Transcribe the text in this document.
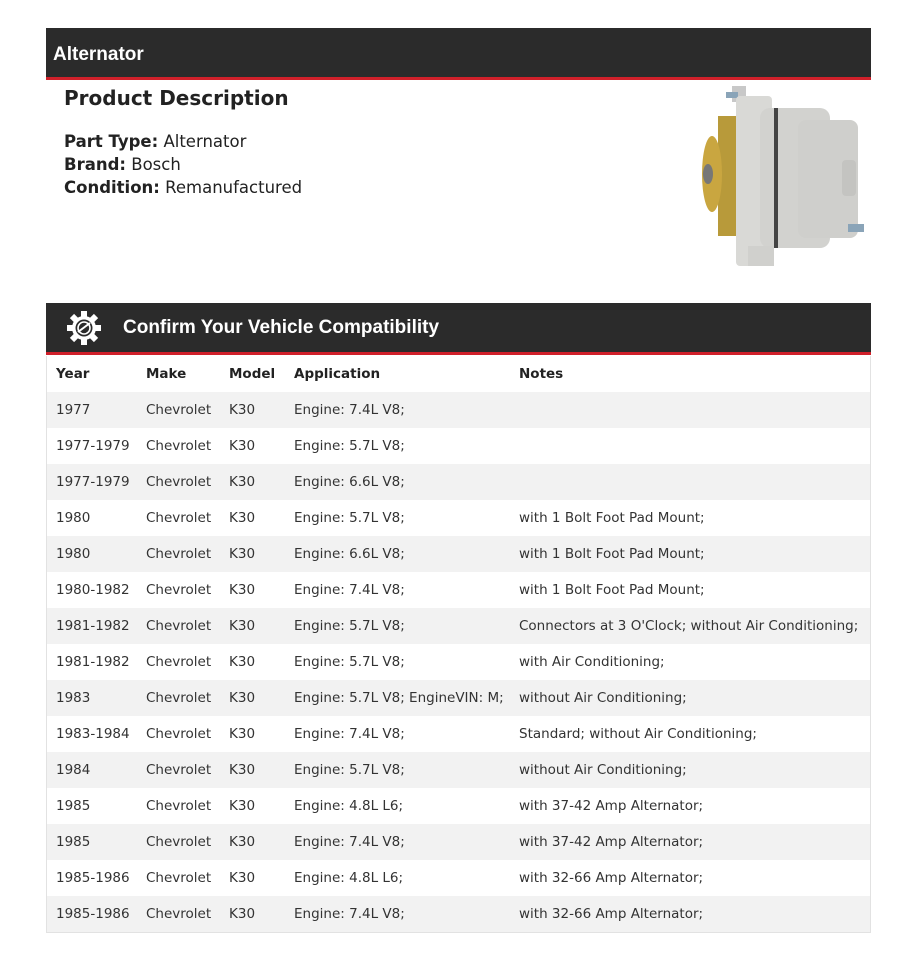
Alternator
Product Description

Part Type: Alternator

Brand: Bosch

Condition: Remanufactured

Confirm Your Vehicle Compatibility
Year	Make	Model	Application	Notes
1977	Chevrolet	K30	Engine: 7.4L V8;
1977-1979	Chevrolet	K30	Engine: 5.7L V8;
1977-1979	Chevrolet	K30	Engine: 6.6L V8;
1980	Chevrolet	K30	Engine: 5.7L V8;	with 1 Bolt Foot Pad Mount;
1980	Chevrolet	K30	Engine: 6.6L V8;	with 1 Bolt Foot Pad Mount;
1980-1982	Chevrolet	K30	Engine: 7.4L V8;	with 1 Bolt Foot Pad Mount;
1981-1982	Chevrolet	K30	Engine: 5.7L V8;	Connectors at 3 O'Clock; without Air Conditioning;
1981-1982	Chevrolet	K30	Engine: 5.7L V8;	with Air Conditioning;
1983	Chevrolet	K30	Engine: 5.7L V8; EngineVIN: M;	without Air Conditioning;
1983-1984	Chevrolet	K30	Engine: 7.4L V8;	Standard; without Air Conditioning;
1984	Chevrolet	K30	Engine: 5.7L V8;	without Air Conditioning;
1985	Chevrolet	K30	Engine: 4.8L L6;	with 37-42 Amp Alternator;
1985	Chevrolet	K30	Engine: 7.4L V8;	with 37-42 Amp Alternator;
1985-1986	Chevrolet	K30	Engine: 4.8L L6;	with 32-66 Amp Alternator;
1985-1986	Chevrolet	K30	Engine: 7.4L V8;	with 32-66 Amp Alternator;
